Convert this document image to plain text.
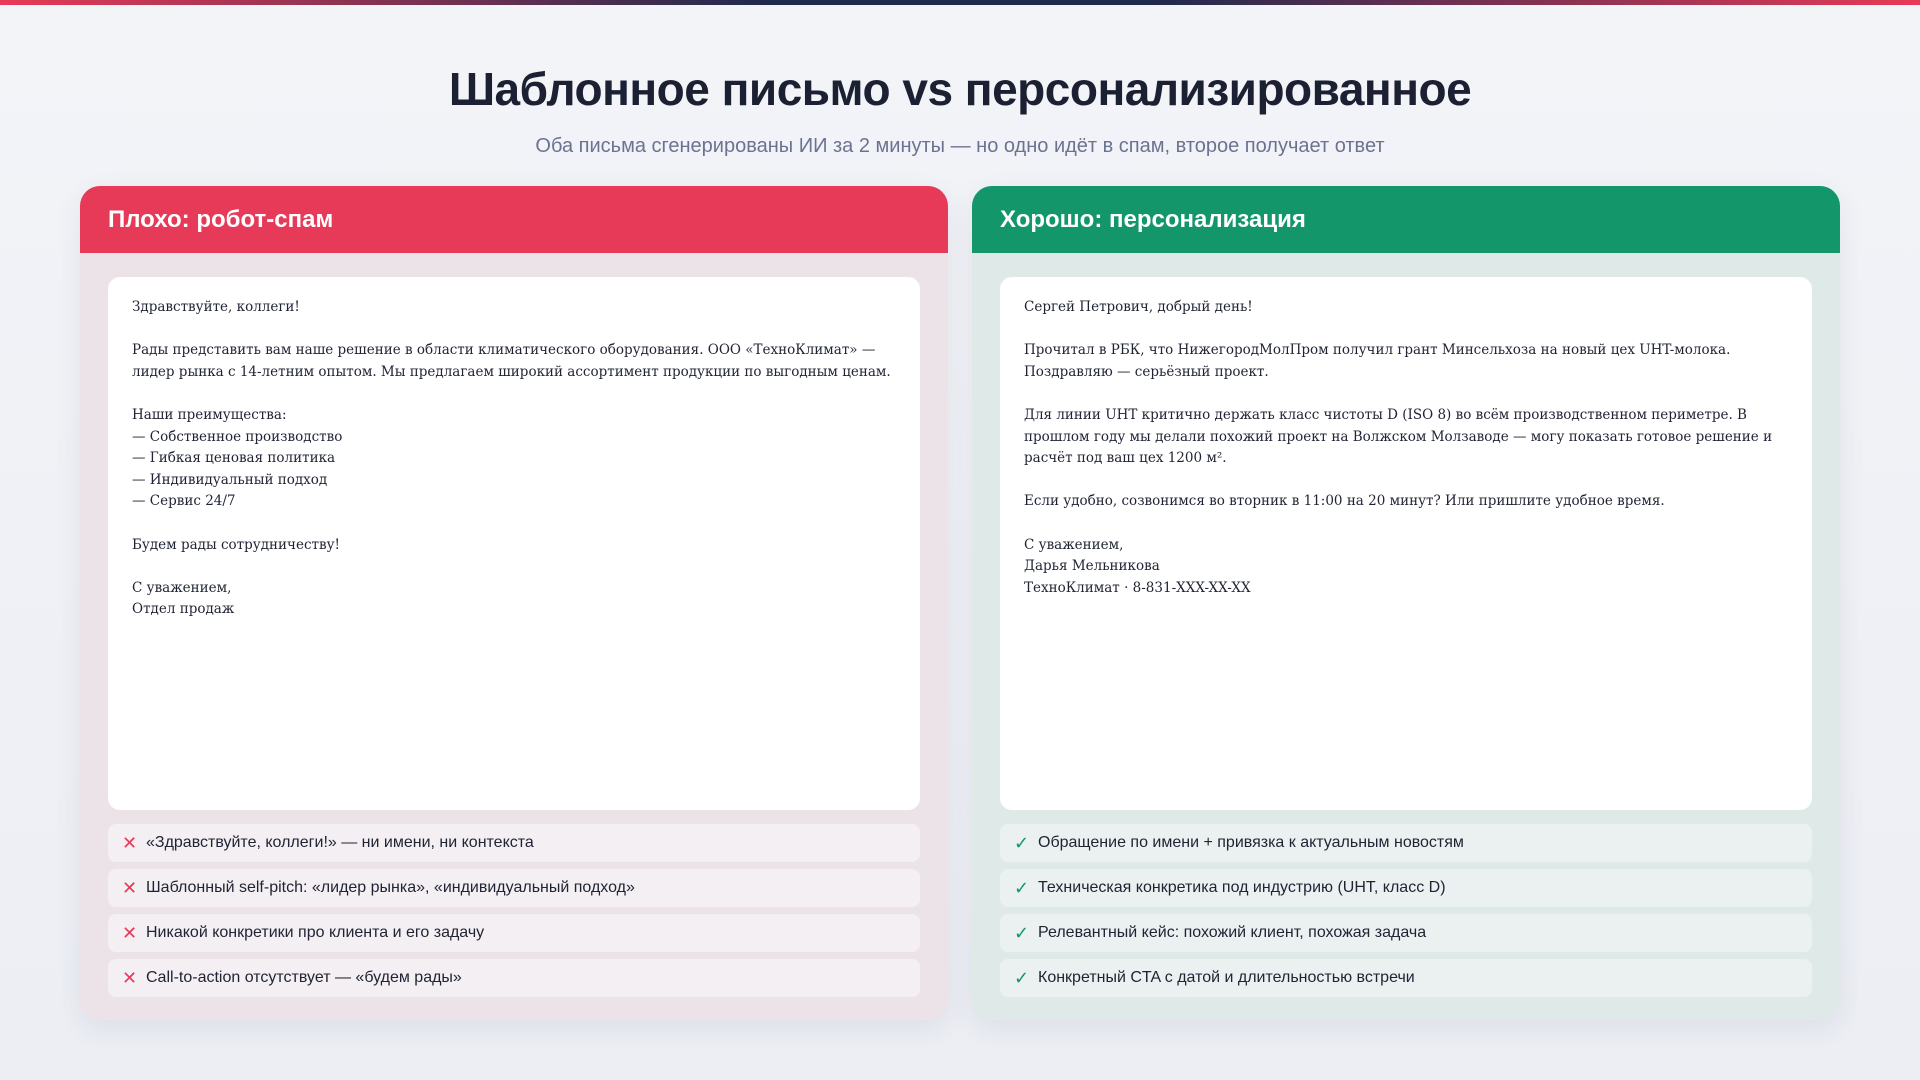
Шаблонное письмо vs персонализированное
Оба письма сгенерированы ИИ за 2 минуты — но одно идёт в спам, второе получает ответ
Плохо: робот-спам
Здравствуйте, коллеги!
Рады представить вам наше решение в области климатического оборудования. ООО «ТехноКлимат» — лидер рынка с 14-летним опытом. Мы предлагаем широкий ассортимент продукции по выгодным ценам.
Наши преимущества:
— Собственное производство
— Гибкая ценовая политика
— Индивидуальный подход
— Сервис 24/7
Будем рады сотрудничеству!
С уважением,
Отдел продаж
✕ «Здравствуйте, коллеги!» — ни имени, ни контекста
✕ Шаблонный self-pitch: «лидер рынка», «индивидуальный подход»
✕ Никакой конкретики про клиента и его задачу
✕ Call-to-action отсутствует — «будем рады»
Хорошо: персонализация
Сергей Петрович, добрый день!
Прочитал в РБК, что НижегородМолПром получил грант Минсельхоза на новый цех UHT-молока. Поздравляю — серьёзный проект.
Для линии UHT критично держать класс чистоты D (ISO 8) во всём производственном периметре. В прошлом году мы делали похожий проект на Волжском Молзаводе — могу показать готовое решение и расчёт под ваш цех 1200 м².
Если удобно, созвонимся во вторник в 11:00 на 20 минут? Или пришлите удобное время.
С уважением,
Дарья Мельникова
ТехноКлимат · 8-831-XXX-XX-XX
✓ Обращение по имени + привязка к актуальным новостям
✓ Техническая конкретика под индустрию (UHT, класс D)
✓ Релевантный кейс: похожий клиент, похожая задача
✓ Конкретный CTA с датой и длительностью встречи
